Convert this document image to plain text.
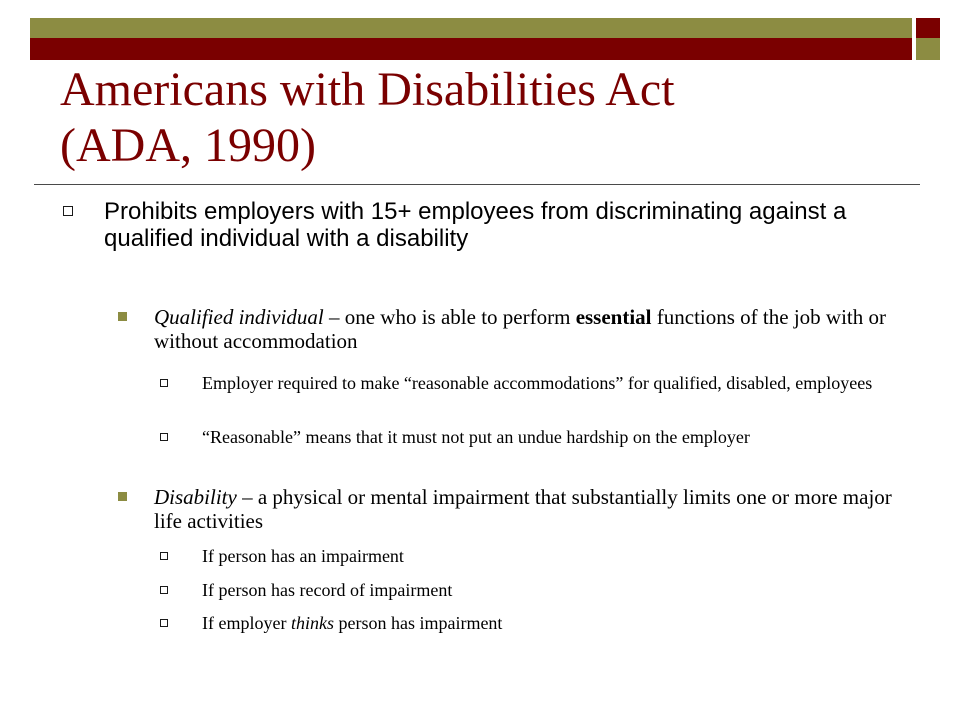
Americans with Disabilities Act
(ADA, 1990)
Prohibits employers with 15+ employees from discriminating against a qualified individual with a disability
Qualified individual – one who is able to perform essential functions of the job with or without accommodation
Employer required to make “reasonable accommodations” for qualified, disabled, employees
“Reasonable” means that it must not put an undue hardship on the employer
Disability – a physical or mental impairment that substantially limits one or more major life activities
If person has an impairment
If person has record of impairment
If employer thinks person has impairment
